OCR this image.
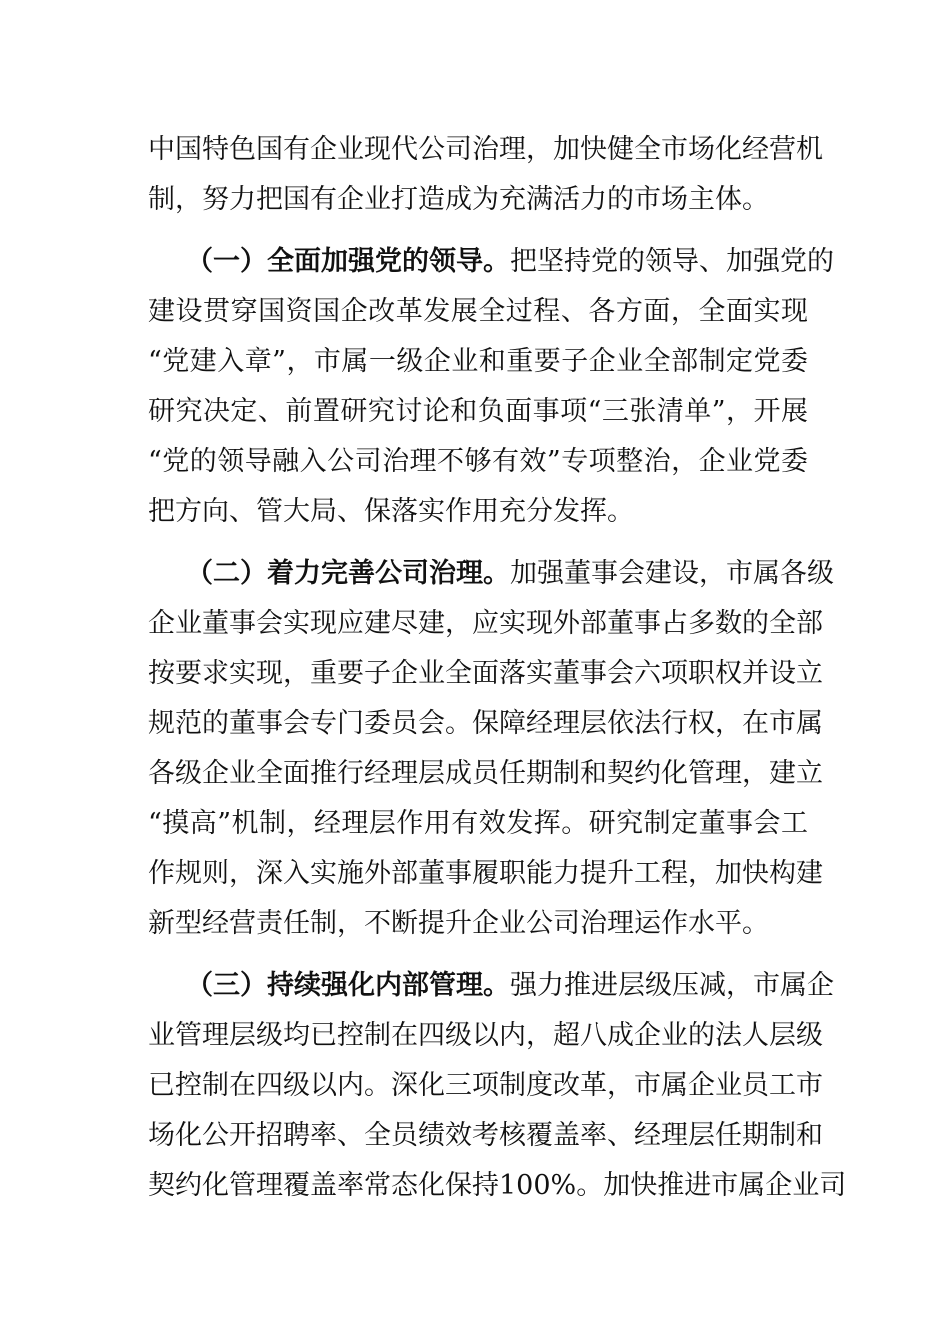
中国特色国有企业现代公司治理，加快健全市场化经营机
制，努力把国有企业打造成为充满活力的市场主体。
（一）全面加强党的领导。把坚持党的领导、加强党的
建设贯穿国资国企改革发展全过程、各方面，全面实现
“党建入章”，市属一级企业和重要子企业全部制定党委
研究决定、前置研究讨论和负面事项“三张清单”，开展
“党的领导融入公司治理不够有效”专项整治，企业党委
把方向、管大局、保落实作用充分发挥。
（二）着力完善公司治理。加强董事会建设，市属各级
企业董事会实现应建尽建，应实现外部董事占多数的全部
按要求实现，重要子企业全面落实董事会六项职权并设立
规范的董事会专门委员会。保障经理层依法行权，在市属
各级企业全面推行经理层成员任期制和契约化管理，建立
“摸高”机制，经理层作用有效发挥。研究制定董事会工
作规则，深入实施外部董事履职能力提升工程，加快构建
新型经营责任制，不断提升企业公司治理运作水平。
（三）持续强化内部管理。强力推进层级压减，市属企
业管理层级均已控制在四级以内，超八成企业的法人层级
已控制在四级以内。深化三项制度改革，市属企业员工市
场化公开招聘率、全员绩效考核覆盖率、经理层任期制和
契约化管理覆盖率常态化保持100%。加快推进市属企业司
